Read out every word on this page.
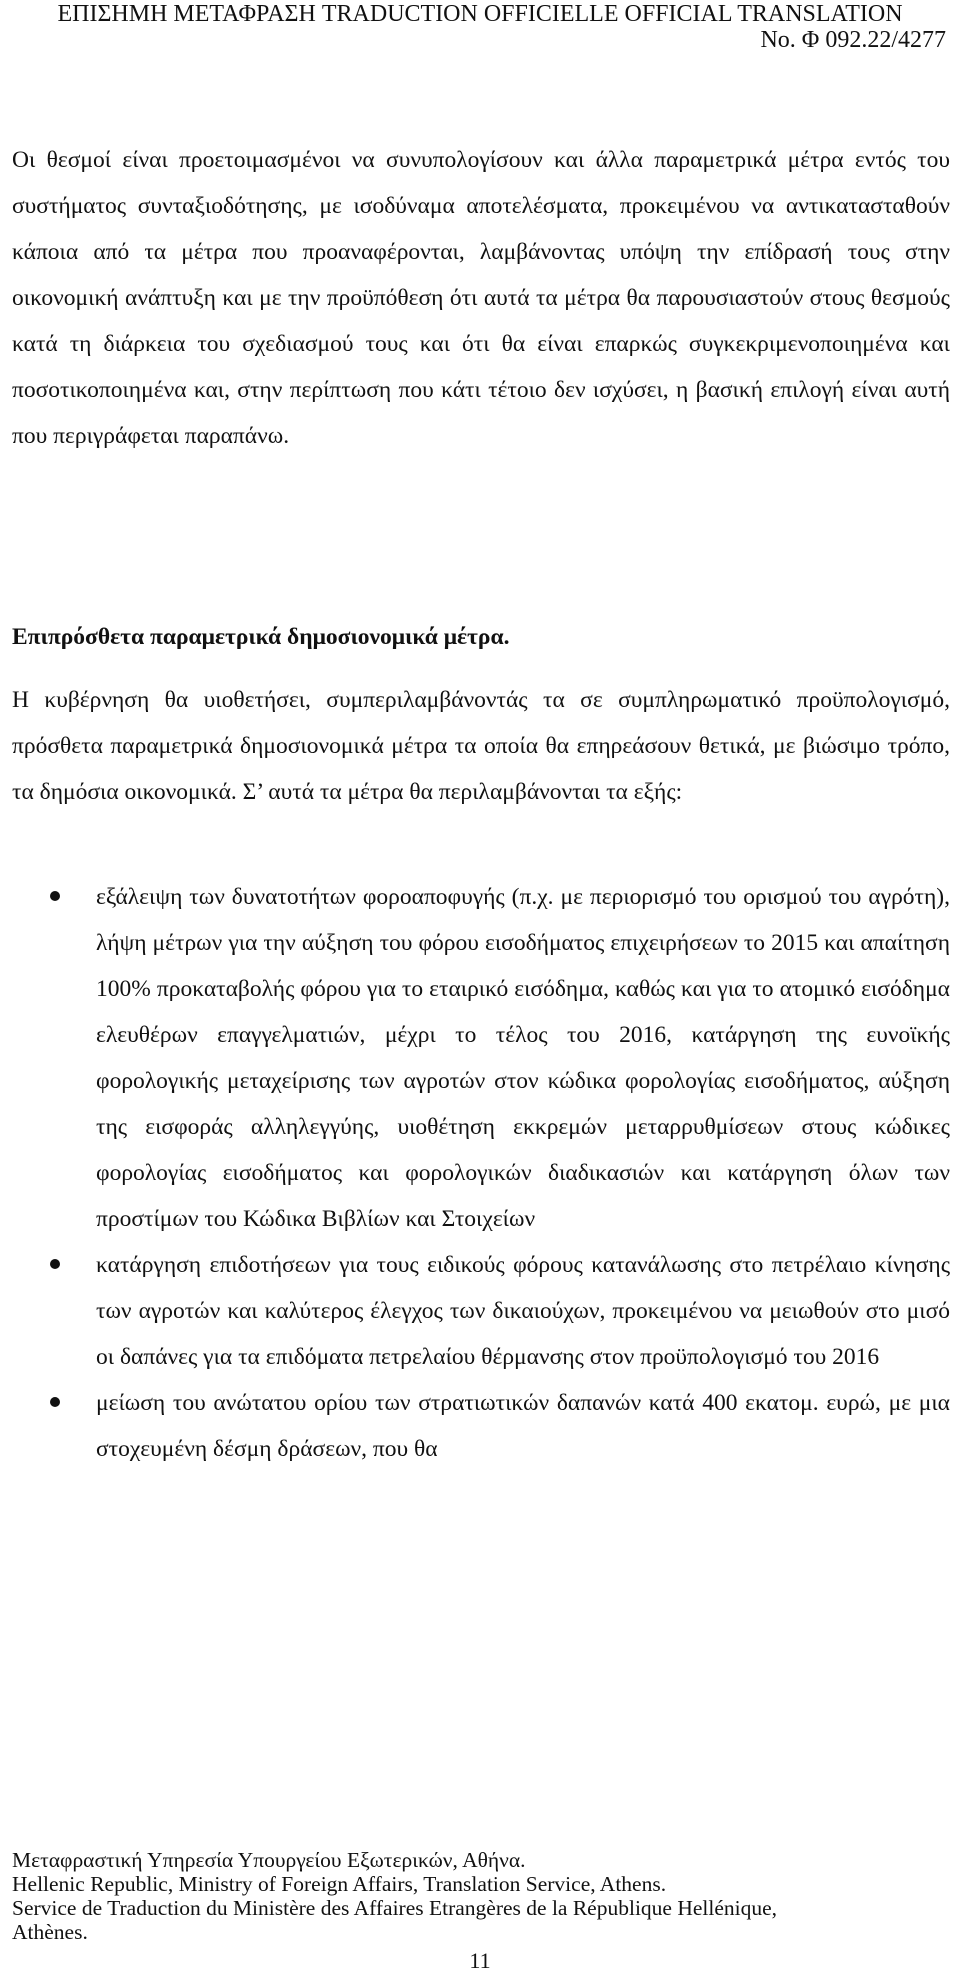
ΕΠΙΣΗΜΗ ΜΕΤΑΦΡΑΣΗ TRADUCTION OFFICIELLE OFFICIAL TRANSLATION

No. Φ 092.22/4277

Οι θεσμοί είναι προετοιμασμένοι να συνυπολογίσουν και άλλα παραμετρικά μέτρα εντός του συστήματος συνταξιοδότησης, με ισοδύναμα αποτελέσματα, προκειμένου να αντικατασταθούν κάποια από τα μέτρα που προαναφέρονται, λαμβάνοντας υπόψη την επίδρασή τους στην οικονομική ανάπτυξη και με την προϋπόθεση ότι αυτά τα μέτρα θα παρουσιαστούν στους θεσμούς κατά τη διάρκεια του σχεδιασμού τους και ότι θα είναι επαρκώς συγκεκριμενοποιημένα και ποσοτικοποιημένα και, στην περίπτωση που κάτι τέτοιο δεν ισχύσει, η βασική επιλογή είναι αυτή που περιγράφεται παραπάνω.

Επιπρόσθετα παραμετρικά δημοσιονομικά μέτρα.

Η κυβέρνηση θα υιοθετήσει, συμπεριλαμβάνοντάς τα σε συμπληρωματικό προϋπολογισμό, πρόσθετα παραμετρικά δημοσιονομικά μέτρα τα οποία θα επηρεάσουν θετικά, με βιώσιμο τρόπο, τα δημόσια οικονομικά. Σ’ αυτά τα μέτρα θα περιλαμβάνονται τα εξής:

εξάλειψη των δυνατοτήτων φοροαποφυγής (π.χ. με περιορισμό του ορισμού του αγρότη), λήψη μέτρων για την αύξηση του φόρου εισοδήματος επιχειρήσεων το 2015 και απαίτηση 100% προκαταβολής φόρου για το εταιρικό εισόδημα, καθώς και για το ατομικό εισόδημα ελευθέρων επαγγελματιών, μέχρι το τέλος του 2016, κατάργηση της ευνοϊκής φορολογικής μεταχείρισης των αγροτών στον κώδικα φορολογίας εισοδήματος, αύξηση της εισφοράς αλληλεγγύης, υιοθέτηση εκκρεμών μεταρρυθμίσεων στους κώδικες φορολογίας εισοδήματος και φορολογικών διαδικασιών και κατάργηση όλων των προστίμων του Κώδικα Βιβλίων και Στοιχείων
κατάργηση επιδοτήσεων για τους ειδικούς φόρους κατανάλωσης στο πετρέλαιο κίνησης των αγροτών και καλύτερος έλεγχος των δικαιούχων, προκειμένου να μειωθούν στο μισό οι δαπάνες για τα επιδόματα πετρελαίου θέρμανσης στον προϋπολογισμό του 2016
μείωση του ανώτατου ορίου των στρατιωτικών δαπανών κατά 400 εκατομ. ευρώ, με μια στοχευμένη δέσμη δράσεων, που θα

Μεταφραστική Υπηρεσία Υπουργείου Εξωτερικών, Αθήνα.

Hellenic Republic, Ministry of Foreign Affairs, Translation Service, Athens.

Service de Traduction du Ministère des Affaires Etrangères de la République Hellénique,

Athènes.

11
